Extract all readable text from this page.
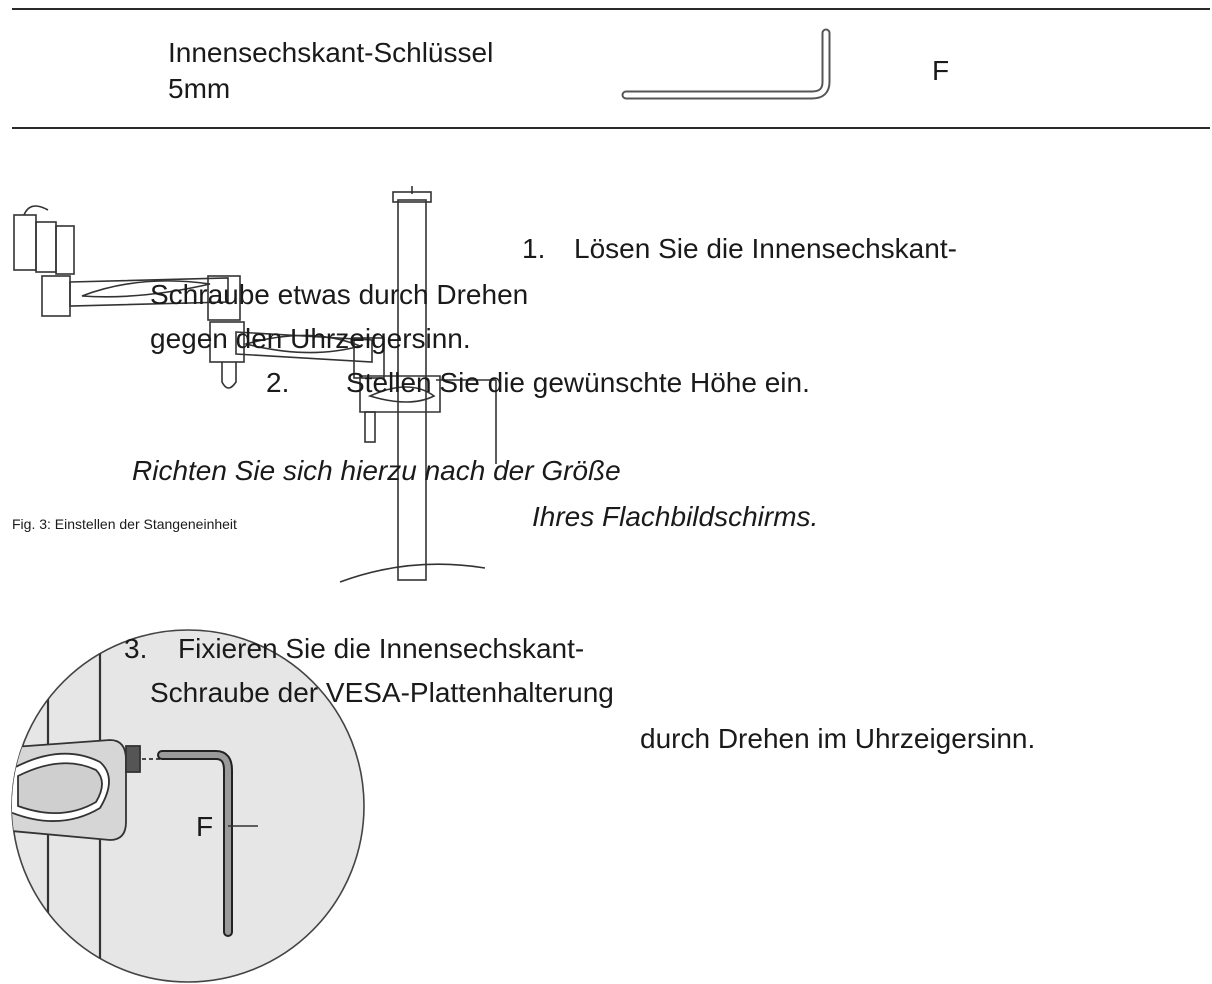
Innensechskant-Schlüssel
5mm
F
1. Lösen Sie die Innensechskant-
Schraube etwas durch Drehen
gegen den Uhrzeigersinn.
2. Stellen Sie die gewünschte Höhe ein.
Richten Sie sich hierzu nach der Größe
Ihres Flachbildschirms.
Fig. 3: Einstellen der Stangeneinheit
F
3. Fixieren Sie die Innensechskant-
Schraube der VESA-Plattenhalterung
durch Drehen im Uhrzeigersinn.
